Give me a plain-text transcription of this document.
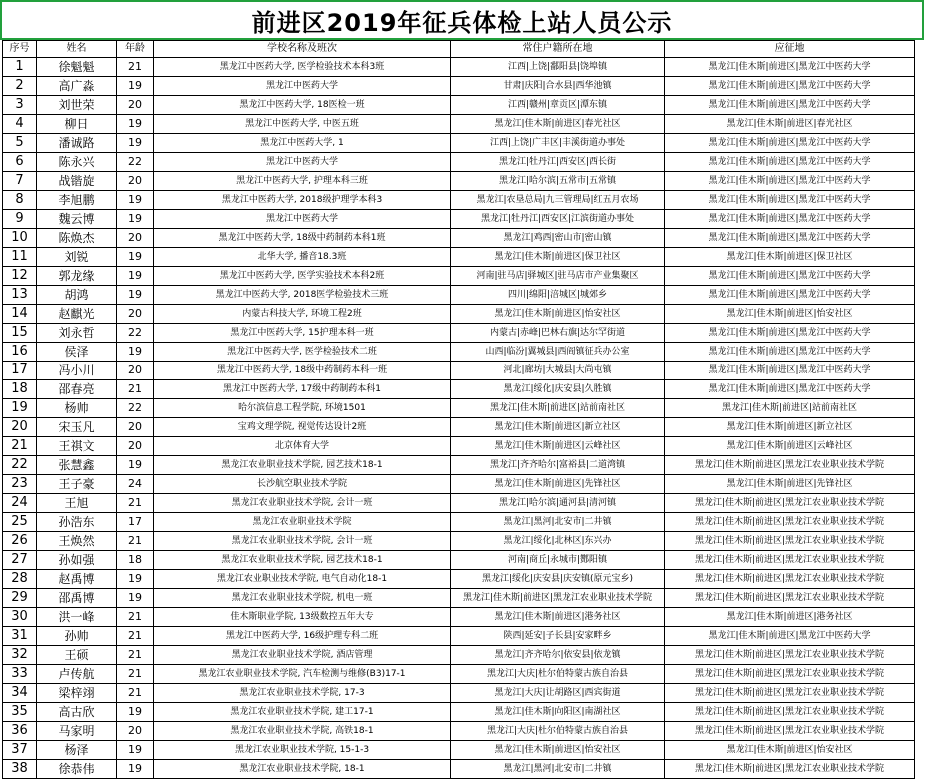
前进区2019年征兵体检上站人员公示
序号	姓名	年龄	学校名称及班次	常住户籍所在地	应征地
1	徐魁魁	21	黑龙江中医药大学, 医学检验技术本科3班	江西|上饶|鄱阳县|饶埠镇	黑龙江|佳木斯|前进区|黑龙江中医药大学
2	高广淼	19	黑龙江中医药大学	甘肃|庆阳|合水县|西华池镇	黑龙江|佳木斯|前进区|黑龙江中医药大学
3	刘世荣	20	黑龙江中医药大学, 18医检一班	江西|赣州|章贡区|潭东镇	黑龙江|佳木斯|前进区|黑龙江中医药大学
4	柳日	19	黑龙江中医药大学, 中医五班	黑龙江|佳木斯|前进区|春光社区	黑龙江|佳木斯|前进区|春光社区
5	潘诚路	19	黑龙江中医药大学, 1	江西|上饶|广丰区|丰溪街道办事处	黑龙江|佳木斯|前进区|黑龙江中医药大学
6	陈永兴	22	黑龙江中医药大学	黑龙江|牡丹江|西安区|西长街	黑龙江|佳木斯|前进区|黑龙江中医药大学
7	战锴旋	20	黑龙江中医药大学, 护理本科三班	黑龙江|哈尔滨|五常市|五常镇	黑龙江|佳木斯|前进区|黑龙江中医药大学
8	李旭鹏	19	黑龙江中医药大学, 2018级护理学本科3	黑龙江|农垦总局|九三管理局|红五月农场	黑龙江|佳木斯|前进区|黑龙江中医药大学
9	魏云博	19	黑龙江中医药大学	黑龙江|牡丹江|西安区|江滨街道办事处	黑龙江|佳木斯|前进区|黑龙江中医药大学
10	陈焕杰	20	黑龙江中医药大学, 18级中药制药本科1班	黑龙江|鸡西|密山市|密山镇	黑龙江|佳木斯|前进区|黑龙江中医药大学
11	刘锐	19	北华大学, 播音18.3班	黑龙江|佳木斯|前进区|保卫社区	黑龙江|佳木斯|前进区|保卫社区
12	郭龙缘	19	黑龙江中医药大学, 医学实验技术本科2班	河南|驻马店|驿城区|驻马店市产业集聚区	黑龙江|佳木斯|前进区|黑龙江中医药大学
13	胡鸿	19	黑龙江中医药大学, 2018医学检验技术三班	四川|绵阳|涪城区|城郊乡	黑龙江|佳木斯|前进区|黑龙江中医药大学
14	赵麒光	20	内蒙古科技大学, 环境工程2班	黑龙江|佳木斯|前进区|怡安社区	黑龙江|佳木斯|前进区|怡安社区
15	刘永哲	22	黑龙江中医药大学, 15护理本科一班	内蒙古|赤峰|巴林右旗|达尔罕街道	黑龙江|佳木斯|前进区|黑龙江中医药大学
16	侯泽	19	黑龙江中医药大学, 医学检验技术二班	山西|临汾|翼城县|西阎镇征兵办公室	黑龙江|佳木斯|前进区|黑龙江中医药大学
17	冯小川	20	黑龙江中医药大学, 18级中药制药本科一班	河北|廊坊|大城县|大尚屯镇	黑龙江|佳木斯|前进区|黑龙江中医药大学
18	邵春亮	21	黑龙江中医药大学, 17级中药制药本科1	黑龙江|绥化|庆安县|久胜镇	黑龙江|佳木斯|前进区|黑龙江中医药大学
19	杨帅	22	哈尔滨信息工程学院, 环境1501	黑龙江|佳木斯|前进区|站前南社区	黑龙江|佳木斯|前进区|站前南社区
20	宋玉凡	20	宝鸡文理学院, 视觉传达设计2班	黑龙江|佳木斯|前进区|新立社区	黑龙江|佳木斯|前进区|新立社区
21	王祺文	20	北京体育大学	黑龙江|佳木斯|前进区|云峰社区	黑龙江|佳木斯|前进区|云峰社区
22	张慧鑫	19	黑龙江农业职业技术学院, 园艺技术18-1	黑龙江|齐齐哈尔|富裕县|二道湾镇	黑龙江|佳木斯|前进区|黑龙江农业职业技术学院
23	王子豪	24	长沙航空职业技术学院	黑龙江|佳木斯|前进区|先锋社区	黑龙江|佳木斯|前进区|先锋社区
24	王旭	21	黑龙江农业职业技术学院, 会计一班	黑龙江|哈尔滨|通河县|清河镇	黑龙江|佳木斯|前进区|黑龙江农业职业技术学院
25	孙浩东	17	黑龙江农业职业技术学院	黑龙江|黑河|北安市|二井镇	黑龙江|佳木斯|前进区|黑龙江农业职业技术学院
26	王焕然	21	黑龙江农业职业技术学院, 会计一班	黑龙江|绥化|北林区|东兴办	黑龙江|佳木斯|前进区|黑龙江农业职业技术学院
27	孙如强	18	黑龙江农业职业技术学院, 园艺技术18-1	河南|商丘|永城市|酂阳镇	黑龙江|佳木斯|前进区|黑龙江农业职业技术学院
28	赵禹博	19	黑龙江农业职业技术学院, 电气自动化18-1	黑龙江|绥化|庆安县|庆安镇(原元宝乡)	黑龙江|佳木斯|前进区|黑龙江农业职业技术学院
29	邵禹博	19	黑龙江农业职业技术学院, 机电一班	黑龙江|佳木斯|前进区|黑龙江农业职业技术学院	黑龙江|佳木斯|前进区|黑龙江农业职业技术学院
30	洪一峰	21	佳木斯职业学院, 13级数控五年大专	黑龙江|佳木斯|前进区|港务社区	黑龙江|佳木斯|前进区|港务社区
31	孙帅	21	黑龙江中医药大学, 16级护理专科二班	陕西|延安|子长县|安家畔乡	黑龙江|佳木斯|前进区|黑龙江中医药大学
32	王硕	21	黑龙江农业职业技术学院, 酒店管理	黑龙江|齐齐哈尔|依安县|依龙镇	黑龙江|佳木斯|前进区|黑龙江农业职业技术学院
33	卢传航	21	黑龙江农业职业技术学院, 汽车检测与维修(B3)17-1	黑龙江|大庆|杜尔伯特蒙古族自治县	黑龙江|佳木斯|前进区|黑龙江农业职业技术学院
34	梁梓翊	21	黑龙江农业职业技术学院, 17-3	黑龙江|大庆|让胡路区|西宾街道	黑龙江|佳木斯|前进区|黑龙江农业职业技术学院
35	高古欣	19	黑龙江农业职业技术学院, 建工17-1	黑龙江|佳木斯|向阳区|南湖社区	黑龙江|佳木斯|前进区|黑龙江农业职业技术学院
36	马家明	20	黑龙江农业职业技术学院, 高铁18-1	黑龙江|大庆|杜尔伯特蒙古族自治县	黑龙江|佳木斯|前进区|黑龙江农业职业技术学院
37	杨泽	19	黑龙江农业职业技术学院, 15-1-3	黑龙江|佳木斯|前进区|怡安社区	黑龙江|佳木斯|前进区|怡安社区
38	徐恭伟	19	黑龙江农业职业技术学院, 18-1	黑龙江|黑河|北安市|二井镇	黑龙江|佳木斯|前进区|黑龙江农业职业技术学院
